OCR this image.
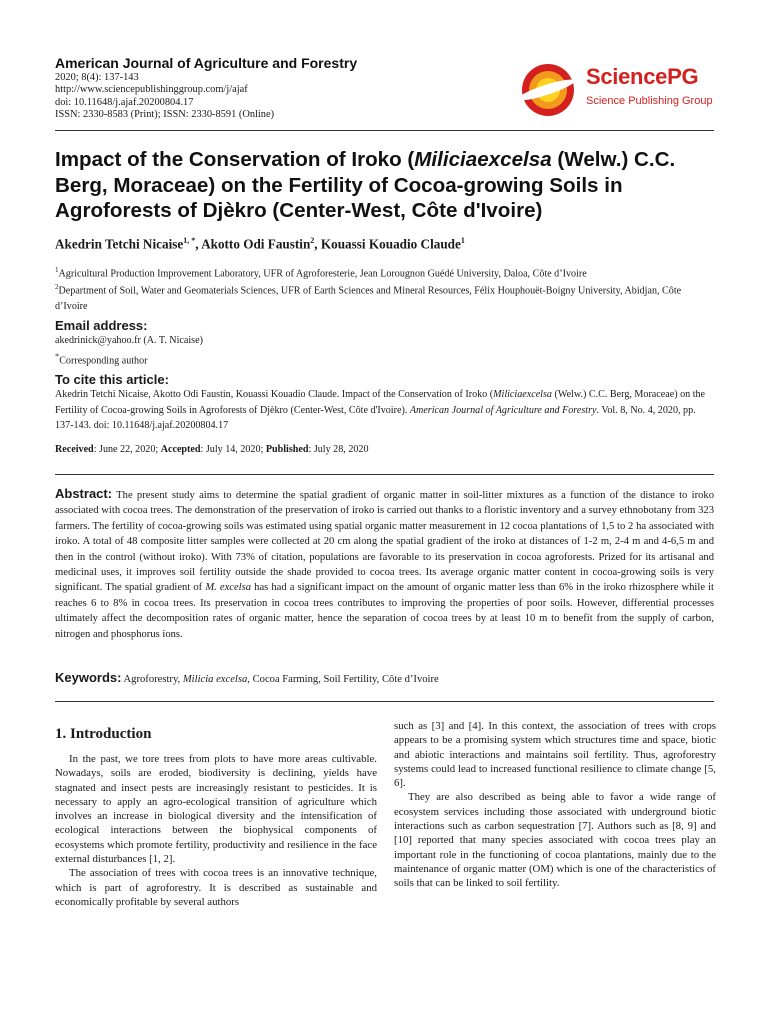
American Journal of Agriculture and Forestry
2020; 8(4): 137-143
http://www.sciencepublishinggroup.com/j/ajaf
doi: 10.11648/j.ajaf.20200804.17
ISSN: 2330-8583 (Print); ISSN: 2330-8591 (Online)
SciencePG
Science Publishing Group
Impact of the Conservation of Iroko (Miliciaexcelsa (Welw.) C.C. Berg, Moraceae) on the Fertility of Cocoa-growing Soils in Agroforests of Djèkro (Center-West, Côte d'Ivoire)
Akedrin Tetchi Nicaise$^{1, *}$, Akotto Odi Faustin$^2$, Kouassi Kouadio Claude$^1$
$^1$Agricultural Production Improvement Laboratory, UFR of Agroforesterie, Jean Lorougnon Guédé University, Daloa, Côte d’Ivoire
$^2$Department of Soil, Water and Geomaterials Sciences, UFR of Earth Sciences and Mineral Resources, Félix Houphouët-Boigny University, Abidjan, Côte d’Ivoire
Email address:
akedrinick@yahoo.fr (A. T. Nicaise)
*Corresponding author
To cite this article:
Akedrin Tetchi Nicaise, Akotto Odi Faustin, Kouassi Kouadio Claude. Impact of the Conservation of Iroko (Miliciaexcelsa (Welw.) C.C. Berg, Moraceae) on the Fertility of Cocoa-growing Soils in Agroforests of Djèkro (Center-West, Côte d'Ivoire). American Journal of Agriculture and Forestry. Vol. 8, No. 4, 2020, pp. 137-143. doi: 10.11648/j.ajaf.20200804.17
Received: June 22, 2020; Accepted: July 14, 2020; Published: July 28, 2020
Abstract: The present study aims to determine the spatial gradient of organic matter in soil-litter mixtures as a function of the distance to iroko associated with cocoa trees. The demonstration of the preservation of iroko is carried out thanks to a floristic inventory and a survey ethnobotany from 323 farmers. The fertility of cocoa-growing soils was estimated using spatial organic matter measurement in 12 cocoa plantations of 1,5 to 2 ha associated with iroko. A total of 48 composite litter samples were collected at 20 cm along the spatial gradient of the iroko at distances of 1-2 m, 2-4 m and 4-6,5 m and then in the control (without iroko). With 73% of citation, populations are favorable to its preservation in cocoa agroforests. Prized for its artisanal and medicinal uses, it improves soil fertility outside the shade provided to cocoa trees. Its average organic matter content in cocoa-growing soils is very significant. The spatial gradient of M. excelsa has had a significant impact on the amount of organic matter less than 6% in the iroko rhizosphere while it reaches 6 to 8% in cocoa trees. Its preservation in cocoa trees contributes to improving the properties of poor soils. However, differential processes ultimately affect the decomposition rates of organic matter, hence the separation of cocoa trees by at least 10 m to benefit from the supply of carbon, nitrogen and phosphorus ions.
Keywords: Agroforestry, Milicia excelsa, Cocoa Farming, Soil Fertility, Côte d’Ivoire
1. Introduction

In the past, we tore trees from plots to have more areas cultivable. Nowadays, soils are eroded, biodiversity is declining, yields have stagnated and insect pests are increasingly resistant to pesticides. It is necessary to apply an agro-ecological transition of agriculture which involves an increase in biological diversity and the intensification of ecological interactions between the biophysical components of ecosystems which promote fertility, productivity and resilience in the face external disturbances [1, 2].

The association of trees with cocoa trees is an innovative technique, which is part of agroforestry. It is described as sustainable and economically profitable by several authors

such as [3] and [4]. In this context, the association of trees with crops appears to be a promising system which structures time and space, biotic and abiotic interactions and maintains soil fertility. Thus, agroforestry systems could lead to increased functional resilience to climate change [5, 6].

They are also described as being able to favor a wide range of ecosystem services including those associated with underground biotic interactions such as carbon sequestration [7]. Authors such as [8, 9] and [10] reported that many species associated with cocoa trees play an important role in the functioning of cocoa plantations, mainly due to the maintenance of organic matter (OM) which is one of the characteristics of soils that can be linked to soil fertility.
